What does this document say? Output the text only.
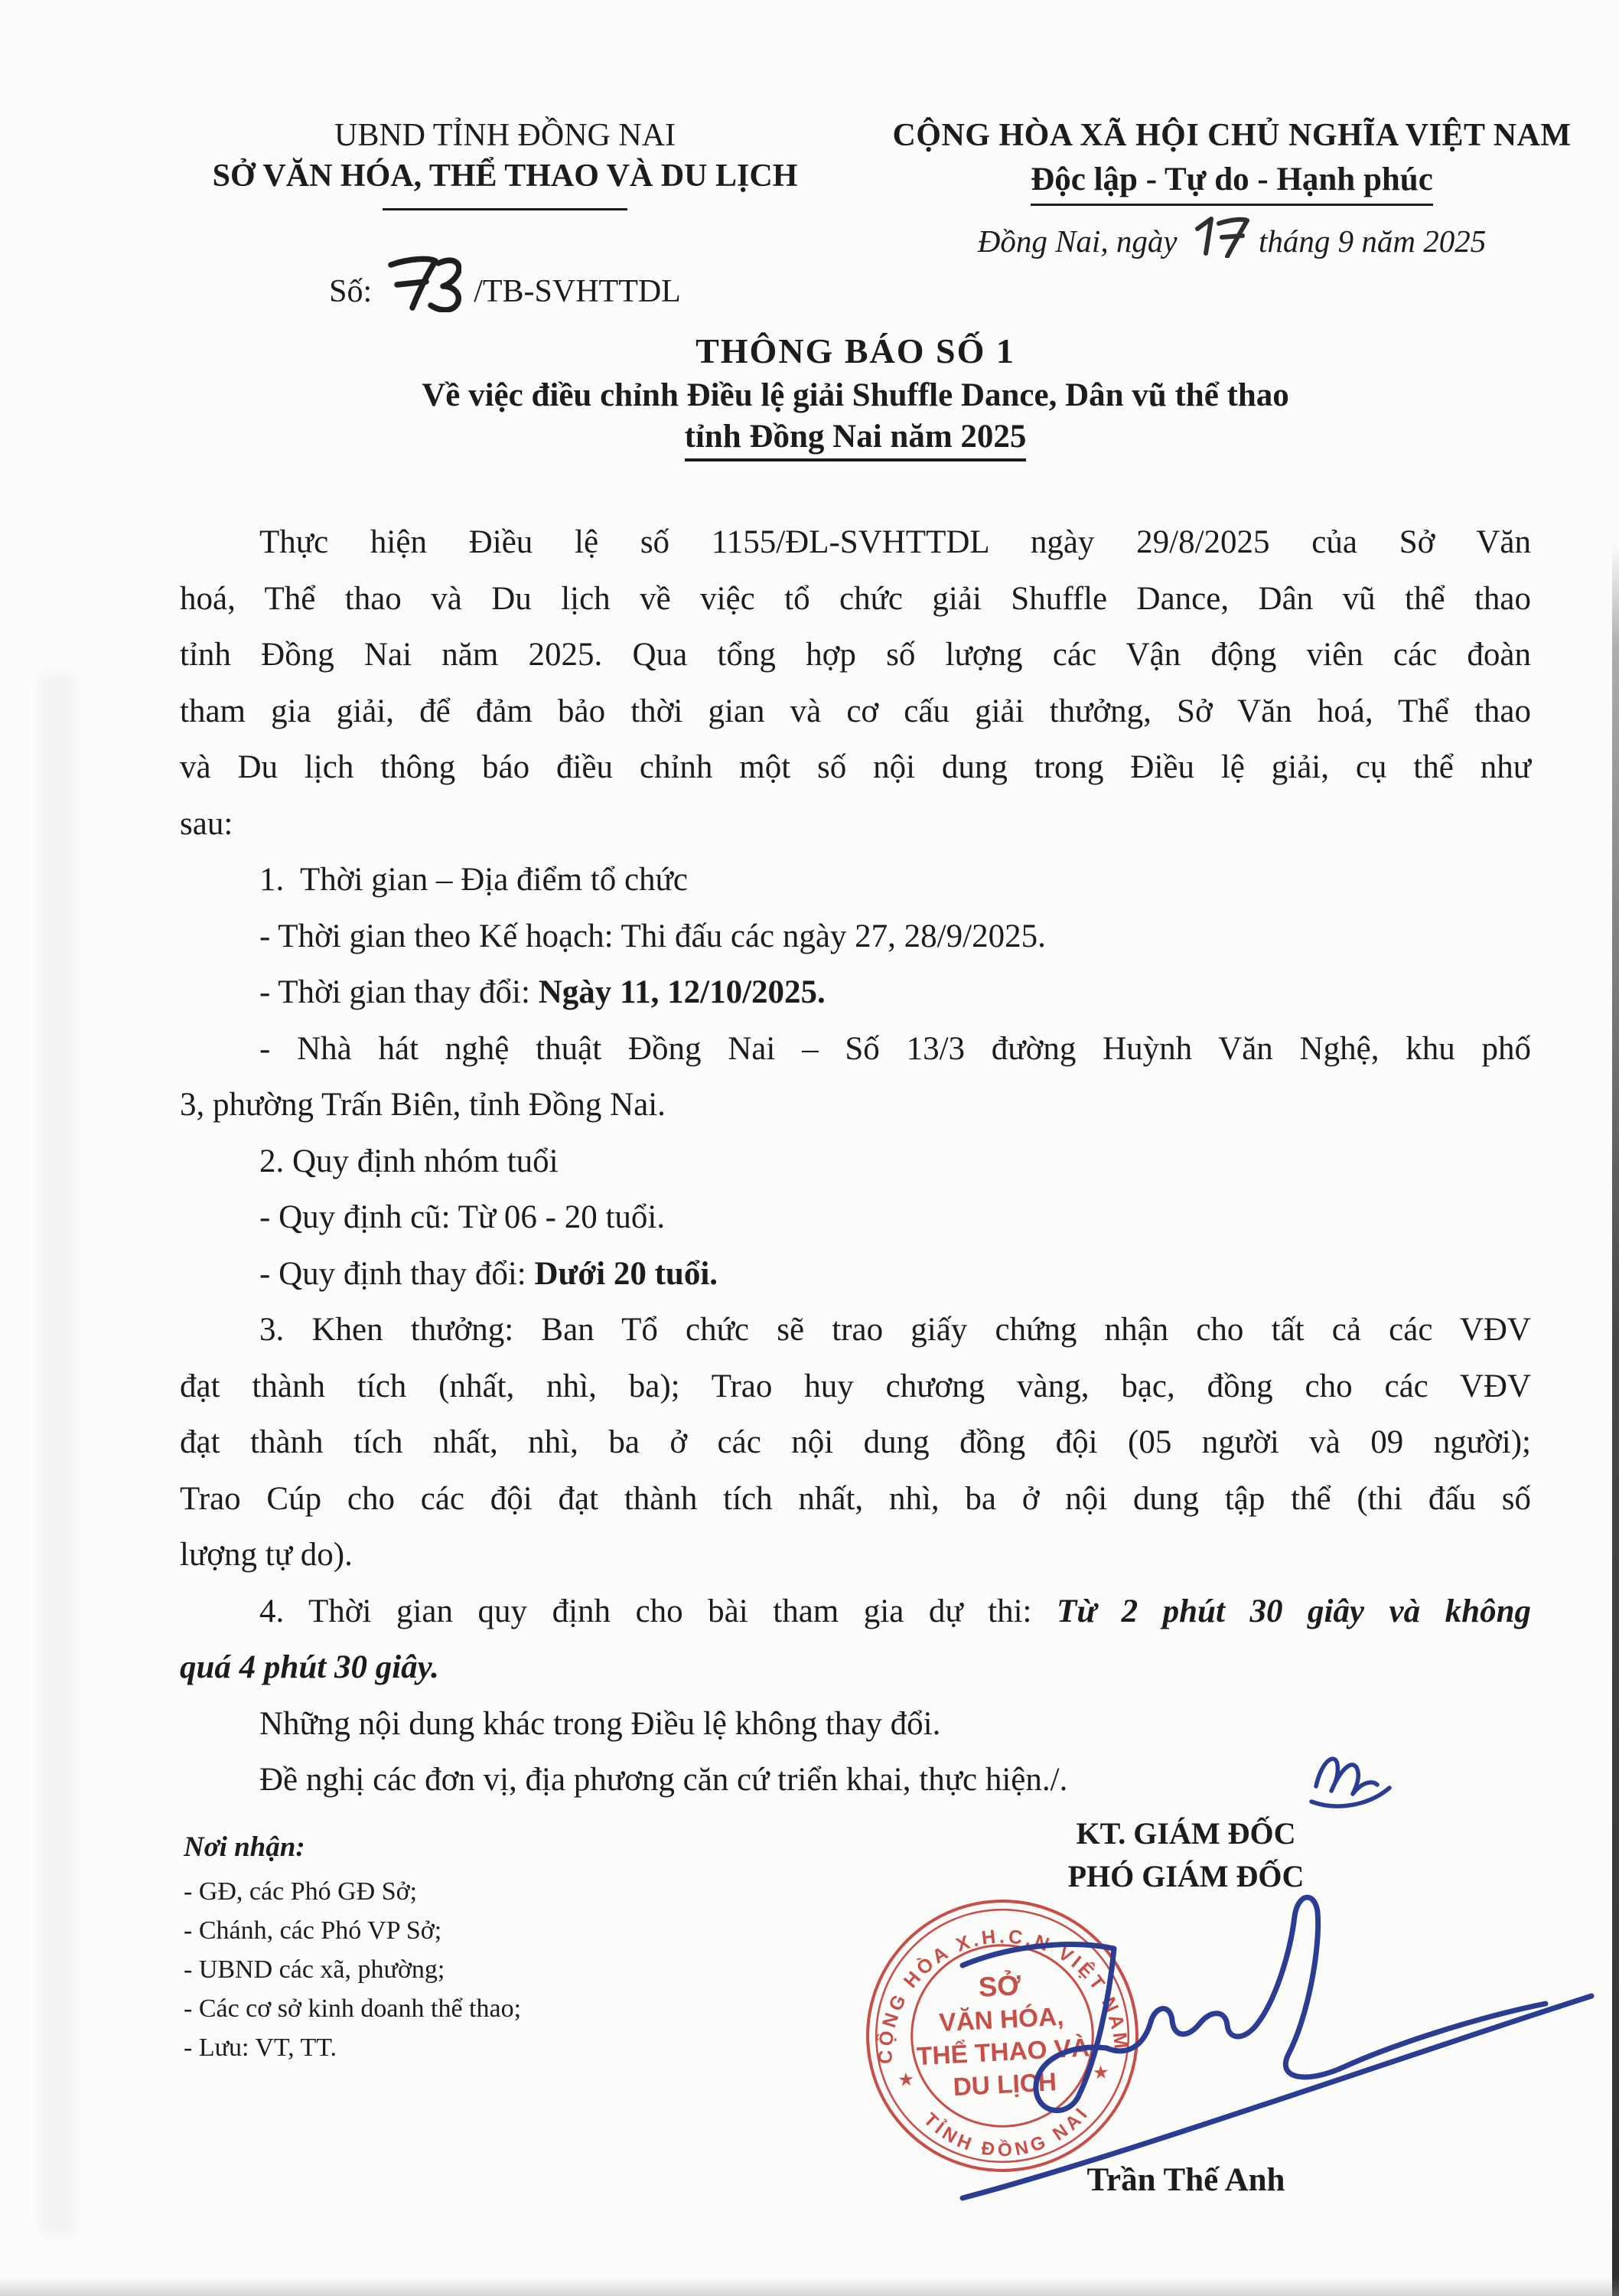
UBND TỈNH ĐỒNG NAI
SỞ VĂN HÓA, THỂ THAO VÀ DU LỊCH
Số:	/TB-SVHTTDL
CỘNG HÒA XÃ HỘI CHỦ NGHĨA VIỆT NAM
Độc lập - Tự do - Hạnh phúc
Đồng Nai, ngày	tháng 9 năm 2025
THÔNG BÁO SỐ 1
Về việc điều chỉnh Điều lệ giải Shuffle Dance, Dân vũ thể thao
tỉnh Đồng Nai năm 2025
Thực hiện Điều lệ số 1155/ĐL-SVHTTDL ngày 29/8/2025 của Sở Văn
hoá, Thể thao và Du lịch về việc tổ chức giải Shuffle Dance, Dân vũ thể thao
tỉnh Đồng Nai năm 2025. Qua tổng hợp số lượng các Vận động viên các đoàn
tham gia giải, để đảm bảo thời gian và cơ cấu giải thưởng, Sở Văn hoá, Thể thao
và Du lịch thông báo điều chỉnh một số nội dung trong Điều lệ giải, cụ thể như
sau:
1.  Thời gian – Địa điểm tổ chức
- Thời gian theo Kế hoạch: Thi đấu các ngày 27, 28/9/2025.
- Thời gian thay đổi: Ngày 11, 12/10/2025.
- Nhà hát nghệ thuật Đồng Nai – Số 13/3 đường Huỳnh Văn Nghệ, khu phố
3, phường Trấn Biên, tỉnh Đồng Nai.
2. Quy định nhóm tuổi
- Quy định cũ: Từ 06 - 20 tuổi.
- Quy định thay đổi: Dưới 20 tuổi.
3. Khen thưởng: Ban Tổ chức sẽ trao giấy chứng nhận cho tất cả các VĐV
đạt thành tích (nhất, nhì, ba); Trao huy chương vàng, bạc, đồng cho các VĐV
đạt thành tích nhất, nhì, ba ở các nội dung đồng đội (05 người và 09 người);
Trao Cúp cho các đội đạt thành tích nhất, nhì, ba ở nội dung tập thể (thi đấu số
lượng tự do).
4. Thời gian quy định cho bài tham gia dự thi: Từ 2 phút 30 giây và không
quá 4 phút 30 giây.
Những nội dung khác trong Điều lệ không thay đổi.
Đề nghị các đơn vị, địa phương căn cứ triển khai, thực hiện./.
Nơi nhận:
- GĐ, các Phó GĐ Sở;
- Chánh, các Phó VP Sở;
- UBND các xã, phường;
- Các cơ sở kinh doanh thể thao;
- Lưu: VT, TT.
KT. GIÁM ĐỐC
PHÓ GIÁM ĐỐC
CỘNG HÒA X.H.C.N VIỆT NAM
TỈNH ĐỒNG NAI
★	★
SỞ
VĂN HÓA,
THỂ THAO VÀ
DU LỊCH
Trần Thế Anh
